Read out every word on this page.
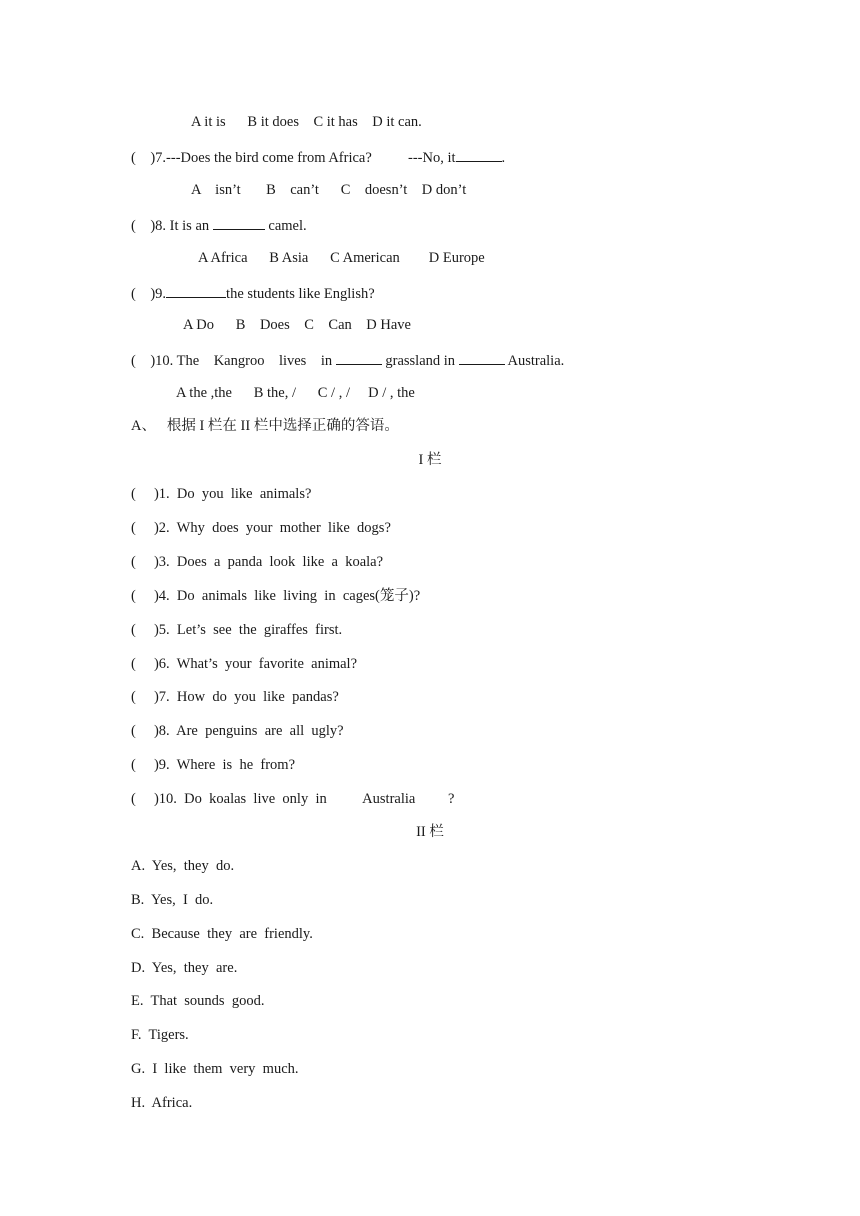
A it is      B it does    C it has    D it can.
(    )7.---Does the bird come from Africa?          ---No, it	.
A    isn’t       B    can’t      C    doesn’t    D don’t
(    )8. It is an	camel.
A Africa      B Asia      C American        D Europe
(    )9.	the students like English?
A Do      B    Does    C    Can    D Have
(    )10. The    Kangroo    lives    in	grassland in	Australia.
A the ,the      B the, /      C / , /     D / , the
A、   根据 I 栏在 II 栏中选择正确的答语。
I 栏
(     )1.  Do  you  like  animals?
(     )2.  Why  does  your  mother  like  dogs?
(     )3.  Does  a  panda  look  like  a  koala?
(     )4.  Do  animals  like  living  in  cages(笼子)?
(     )5.  Let’s  see  the  giraffes  first.
(     )6.  What’s  your  favorite  animal?
(     )7.  How  do  you  like  pandas?
(     )8.  Are  penguins  are  all  ugly?
(     )9.  Where  is  he  from?
(     )10.  Do  koalas  live  only  in          Australia         ?
II 栏
A.  Yes,  they  do.
B.  Yes,  I  do.
C.  Because  they  are  friendly.
D.  Yes,  they  are.
E.  That  sounds  good.
F.  Tigers.
G.  I  like  them  very  much.
H.  Africa.
